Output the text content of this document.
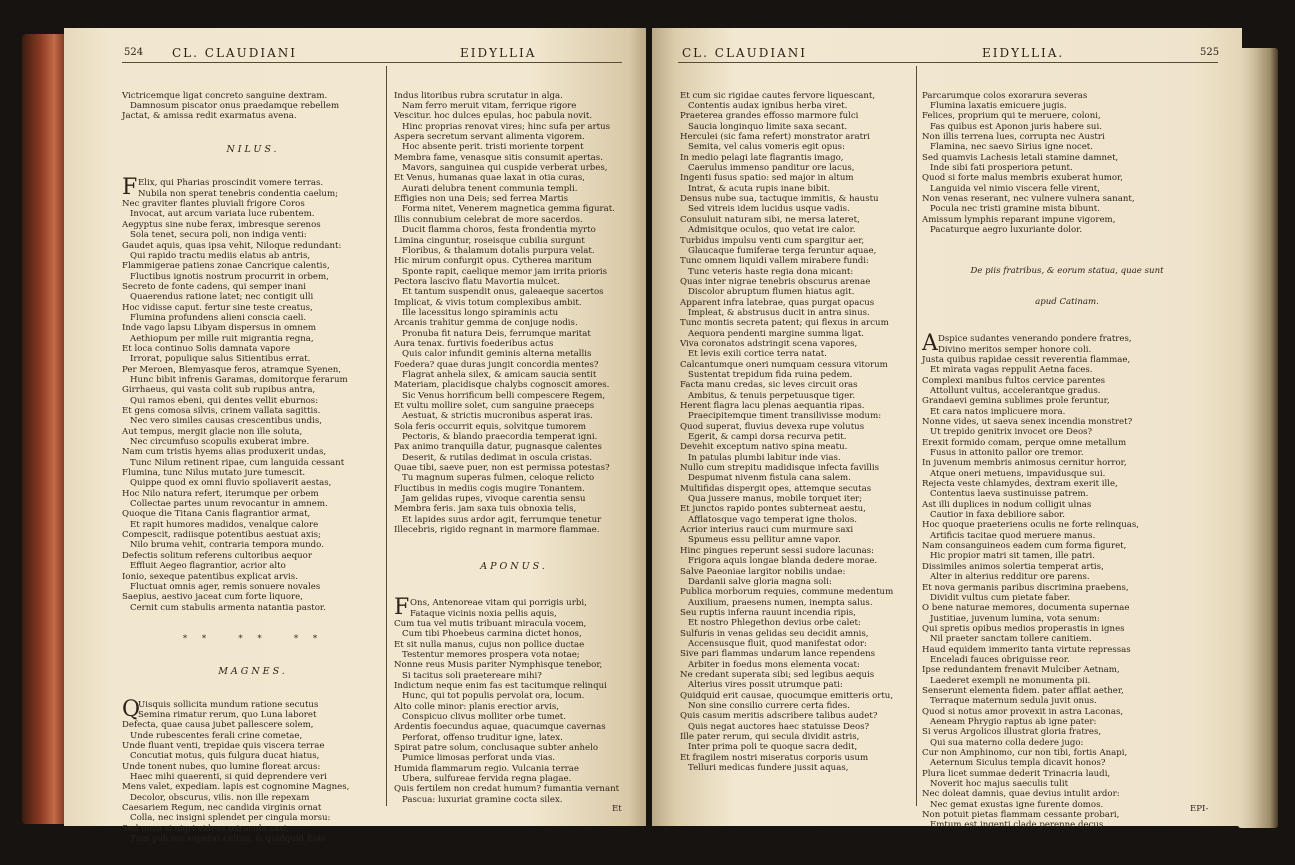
524 CL. CLAUDIANI	EIDYLLIA

Victricemque ligat concreto sanguine dextram.

Damnosum piscator onus praedamque rebellem

Jactat, & amissa redit exarmatus avena.

NILUS.

Elix, qui Pharias proscindit vomere terras.

Nubila non sperat tenebris condentia caelum;

Nec graviter flantes pluviali frigore Coros

Invocat, aut arcum variata luce rubentem.

Aegyptus sine nube ferax, imbresque serenos

Sola tenet, secura poli, non indiga venti:

Gaudet aquis, quas ipsa vehit, Niloque redundant:

Qui rapido tractu mediis elatus ab antris,

Flammigerae patiens zonae Cancrique calentis,

Fluctibus ignotis nostrum procurrit in orbem,

Secreto de fonte cadens, qui semper inani

Quaerendus ratione latet; nec contigit ulli

Hoc vidisse caput. fertur sine teste creatus,

Flumina profundens alieni conscia caeli.

Inde vago lapsu Libyam dispersus in omnem

Aethiopum per mille ruit migrantia regna,

Et loca continuo Solis damnata vapore

Irrorat, populique salus Sitientibus errat.

Per Meroen, Blemyasque feros, atramque Syenen,

Hunc bibit infrenis Garamas, domitorque ferarum

Girrhaeus, qui vasta colit sub rupibus antra,

Qui ramos ebeni, qui dentes vellit eburnos:

Et gens comosa silvis, crinem vallata sagittis.

Nec vero similes causas crescentibus undis,

Aut tempus, mergit glacie non ille soluta,

Nec circumfuso scopulis exuberat imbre.

Nam cum tristis hyems alias produxerit undas,

Tunc Nilum retinent ripae, cum languida cessant

Flumina, tunc Nilus mutato jure tumescit.

Quippe quod ex omni fluvio spoliaverit aestas,

Hoc Nilo natura refert, iterumque per orbem

Collectae partes unum revocantur in amnem.

Quoque die Titana Canis flagrantior armat,

Et rapit humores madidos, venalque calore

Compescit, radiisque potentibus aestuat axis;

Nilo bruma vehit, contraria tempora mundo.

Defectis solitum referens cultoribus aequor

Effluit Aegeo flagrantior, acrior alto

Ionio, sexeque patentibus explicat arvis.

Fluctuat omnis ager, remis sonuere novales

Saepius, aestivo jaceat cum forte liquore,

Cernit cum stabulis armenta natantia pastor.

F

* *   * *   * *

MAGNES.

Uisquis sollicita mundum ratione secutus

Semina rimatur rerum, quo Luna laboret

Defecta, quae causa jubet pallescere solem,

Unde rubescentes ferali crine cometae,

Unde fluant venti, trepidae quis viscera terrae

Concutiat motus, quis fulgura ducat hiatus,

Unde tonent nubes, quo lumine floreat arcus:

Haec mihi quaerenti, si quid deprendere veri

Mens valet, expediam. lapis est cognomine Magnes,

Decolor, obscurus, vilis. non ille repexam

Caesariem Regum, nec candida virginis ornat

Colla, nec insigni splendet per cingula morsu:

Sed nova si nigri videas miracula saxi,

Tum pulcros superat cultus, & quidquid Eois

Q

Indus litoribus rubra scrutatur in alga.

Nam ferro meruit vitam, ferrique rigore

Vescitur. hoc dulces epulas, hoc pabula novit.

Hinc proprias renovat vires; hinc sufa per artus

Aspera secretum servant alimenta vigorem.

Hoc absente perit. tristi moriente torpent

Membra fame, venasque sitis consumit apertas.

Mavors, sanguinea qui cuspide verberat urbes,

Et Venus, humanas quae laxat in otia curas,

Aurati delubra tenent communia templi.

Effigies non una Deis; sed ferrea Martis

Forma nitet, Venerem magnetica gemma figurat.

Illis connubium celebrat de more sacerdos.

Ducit flamma choros, festa frondentia myrto

Limina cinguntur, roseisque cubilia surgunt

Floribus, & thalamum dotalis purpura velat.

Hic mirum confurgit opus. Cytherea maritum

Sponte rapit, caelique memor jam irrita prioris

Pectora lascivo flatu Mavortia mulcet.

Et tantum suspendit onus, galeaeque sacertos

Implicat, & vivis totum complexibus ambit.

Ille lacessitus longo spiraminis actu

Arcanis trahitur gemma de conjuge nodis.

Pronuba fit natura Deis, ferrumque maritat

Aura tenax. furtivis foederibus actus

Quis calor infundit geminis alterna metallis

Foedera? quae duras jungit concordia mentes?

Flagrat anhela silex, & amicam saucia sentit

Materiam, placidisque chalybs cognoscit amores.

Sic Venus horrificum belli compescere Regem,

Et vultu mollire solet, cum sanguine praeceps

Aestuat, & strictis mucronibus asperat iras.

Sola feris occurrit equis, solvitque tumorem

Pectoris, & blando praecordia temperat igni.

Pax animo tranquilla datur, pugnasque calentes

Deserit, & rutilas dedimat in oscula cristas.

Quae tibi, saeve puer, non est permissa potestas?

Tu magnum superas fulmen, celoque relicto

Fluctibus in mediis cogis mugire Tonantem.

Jam gelidas rupes, vivoque carentia sensu

Membra feris. jam saxa tuis obnoxia telis,

Et lapides suus ardor agit, ferrumque tenetur

Illecebris, rigido regnant in marmore flammae.

APONUS.

Ons, Antenoreae vitam qui porrigis urbi,

Fataque vicinis noxia pellis aquis,

Cum tua vel mutis tribuant miracula vocem,

Cum tibi Phoebeus carmina dictet honos,

Et sit nulla manus, cujus non pollice ductae

Testentur memores prospera vota notae;

Nonne reus Musis pariter Nymphisque tenebor,

Si tacitus soli praetereare mihi?

Indictum neque enim fas est tacitumque relinqui

Hunc, qui tot populis pervolat ora, locum.

Alto colle minor: planis erectior arvis,

Conspicuo clivus molliter orbe tumet.

Ardentis foecundus aquae, quacumque cavernas

Perforat, offenso truditur igne, latex.

Spirat patre solum, conclusaque subter anhelo

Pumice limosas perforat unda vias.

Humida flammarum regio. Vulcania terrae

Ubera, sulfureae fervida regna plagae.

Quis fertilem non credat humum? fumantia vernant

Pascua: luxuriat gramine cocta silex.

F

Et
CL. CLAUDIANI	EIDYLLIA.	525

Et cum sic rigidae cautes fervore liquescant,

Contentis audax ignibus herba viret.

Praeterea grandes effosso marmore fulci

Saucia longinquo limite saxa secant.

Herculei (sic fama refert) monstrator aratri

Semita, vel calus vomeris egit opus:

In medio pelagi late flagrantis imago,

Caerulus immenso panditur ore lacus,

Ingenti fusus spatio: sed major in altum

Intrat, & acuta rupis inane bibit.

Densus nube sua, tactuque immitis, & haustu

Sed vitreis idem lucidus usque vadis.

Consuluit naturam sibi, ne mersa lateret,

Admisitque oculos, quo vetat ire calor.

Turbidus impulsu venti cum spargitur aer,

Glaucaque fumiferae terga feruntur aquae,

Tunc omnem liquidi vallem mirabere fundi:

Tunc veteris haste regia dona micant:

Quas inter nigrae tenebris obscurus arenae

Discolor abruptum flumen hiatus agit.

Apparent infra latebrae, quas purgat opacus

Impleat, & abstrusus ducit in antra sinus.

Tunc montis secreta patent; qui flexus in arcum

Aequora pendenti margine summa ligat.

Viva coronatos adstringit scena vapores,

Et levis exili cortice terra natat.

Calcantumque oneri numquam cessura vitorum

Sustentat trepidum fida ruina pedem.

Facta manu credas, sic leves circuit oras

Ambitus, & tenuis perpetuusque tiger.

Herent flagra lacu plenas aequantia ripas.

Praecipitemque timent transilivisse modum:

Quod superat, fluvius devexa rupe volutus

Egerit, & campi dorsa recurva petit.

Devehit exceptum nativo spina meatu.

In patulas plumbi labitur inde vias.

Nullo cum strepitu madidisque infecta favillis

Despumat nivenm fistula cana salem.

Multifidas dispergit opes, attemque secutas

Qua jussere manus, mobile torquet iter;

Et junctos rapido pontes subterneat aestu,

Afflatosque vago temperat igne tholos.

Acrior interius rauci cum murmure saxi

Spumeus essu pellitur amne vapor.

Hinc pingues reperunt sessi sudore lacunas:

Frigora aquis longae blanda dedere morae.

Salve Paeoniae largitor nobilis undae:

Dardanii salve gloria magna soli:

Publica morborum requies, commune medentum

Auxilium, praesens numen, inempta salus.

Seu ruptis inferna rauunt incendia ripis,

Et nostro Phlegethon devius orbe calet:

Sulfuris in venas gelidas seu decidit amnis,

Accensusque fluit, quod manifestat odor:

Sive pari flammas undarum lance rependens

Arbiter in foedus mons elementa vocat:

Ne credant superata sibi; sed legibus aequis

Alterius vires possit utrumque pati:

Quidquid erit causae, quocumque emitteris ortu,

Non sine consilio currere certa fides.

Quis casum meritis adscribere talibus audet?

Quis negat auctores haec statuisse Deos?

Ille pater rerum, qui secula dividit astris,

Inter prima poli te quoque sacra dedit,

Et fragilem nostri miseratus corporis usum

Telluri medicas fundere jussit aquas,

Parcarumque colos exorarura severas

Flumina laxatis emicuere jugis.

Felices, proprium qui te meruere, coloni,

Fas quibus est Aponon juris habere sui.

Non illis terrena lues, corrupta nec Austri

Flamina, nec saevo Sirius igne nocet.

Sed quamvis Lachesis letali stamine damnet,

Inde sibi fati prosperiora petunt.

Quod si forte malus membris exuberat humor,

Languida vel nimio viscera felle virent,

Non venas reserant, nec vulnere vulnera sanant,

Pocula nec tristi gramine mista bibunt.

Amissum lymphis reparant impune vigorem,

Pacaturque aegro luxuriante dolor.

De piis fratribus, & eorum statua, quae sunt

apud Catinam.

Dspice sudantes venerando pondere fratres,

Divino meritos semper honore coli.

Justa quibus rapidae cessit reverentia flammae,

Et mirata vagas reppulit Aetna faces.

Complexi manibus fultos cervice parentes

Attollunt vultus, accelerantque gradus.

Grandaevi gemina sublimes prole feruntur,

Et cara natos implicuere mora.

Nonne vides, ut saeva senex incendia monstret?

Ut trepido genitrix invocet ore Deos?

Erexit formido comam, perque omne metallum

Fusus in attonito pallor ore tremor.

In juvenum membris animosus cernitur horror,

Atque oneri metuens, impavidusque sui.

Rejecta veste chlamydes, dextram exerit ille,

Contentus laeva sustinuisse patrem.

Ast illi duplices in nodum colligit ulnas

Cautior in faxa debiliore sabor.

Hoc quoque praeteriens oculis ne forte relinquas,

Artificis tacitae quod meruere manus.

Nam consanguineos eadem cum forma figuret,

Hic propior matri sit tamen, ille patri.

Dissimiles animos solertia temperat artis,

Alter in alterius redditur ore parens.

Et nova germanis paribus discrimina praebens,

Dividit vultus cum pietate faber.

O bene naturae memores, documenta supernae

Justitiae, juvenum lumina, vota senum:

Qui spretis opibus medios properastis in ignes

Nil praeter sanctam tollere canitiem.

Haud equidem immerito tanta virtute repressas

Enceladi fauces obriguisse reor.

Ipse redundantem frenavit Mulciber Aetnam,

Laederet exempli ne monumenta pii.

Senserunt elementa fidem. pater afflat aether,

Terraque maternum sedula juvit onus.

Quod si notus amor provexit in astra Laconas,

Aeneam Phrygio raptus ab igne pater:

Si verus Argolicos illustrat gloria fratres,

Qui sua materno colla dedere jugo:

Cur non Amphinomo, cur non tibi, fortis Anapi,

Aeternum Siculus templa dicavit honos?

Plura licet summae dederit Trinacria laudi,

Noverit hoc majus saeculis tulit

Nec doleat damnis, quae devius intulit ardor:

Nec gemat exustas igne furente domos.

Non potuit pietas flammam cessante probari,

Emtum est ingenti clade perenne decus.

A

EPI-
